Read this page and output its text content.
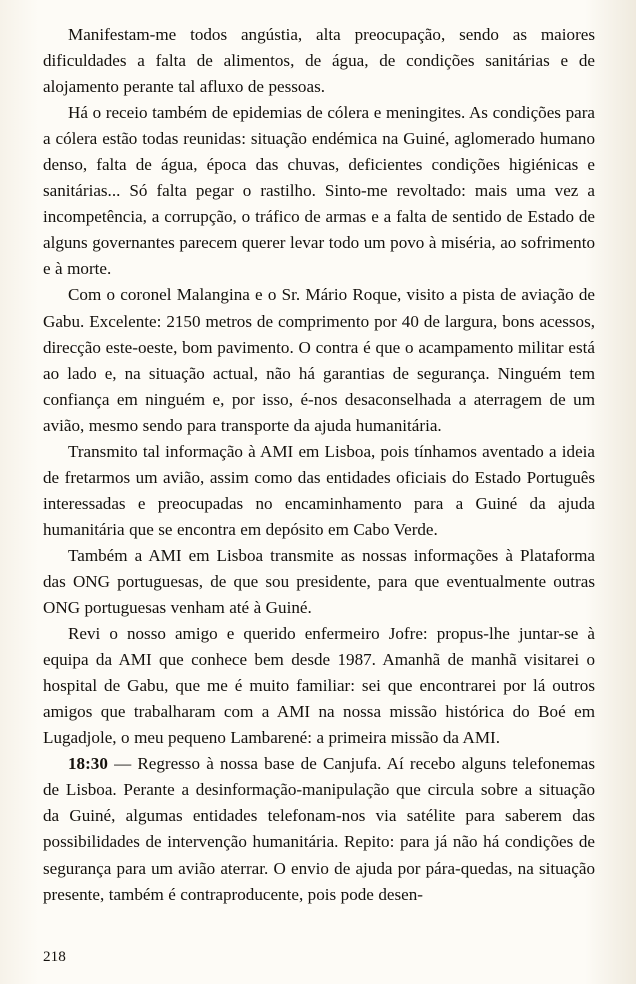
Manifestam-me todos angústia, alta preocupação, sendo as maiores dificuldades a falta de alimentos, de água, de condições sanitárias e de alojamento perante tal afluxo de pessoas.

Há o receio também de epidemias de cólera e meningites. As condições para a cólera estão todas reunidas: situação endémica na Guiné, aglomerado humano denso, falta de água, época das chuvas, deficientes condições higiénicas e sanitárias... Só falta pegar o rastilho. Sinto-me revoltado: mais uma vez a incompetência, a corrupção, o tráfico de armas e a falta de sentido de Estado de alguns governantes parecem querer levar todo um povo à miséria, ao sofrimento e à morte.

Com o coronel Malangina e o Sr. Mário Roque, visito a pista de aviação de Gabu. Excelente: 2150 metros de comprimento por 40 de largura, bons acessos, direcção este-oeste, bom pavimento. O contra é que o acampamento militar está ao lado e, na situação actual, não há garantias de segurança. Ninguém tem confiança em ninguém e, por isso, é-nos desaconselhada a aterragem de um avião, mesmo sendo para transporte da ajuda humanitária.

Transmito tal informação à AMI em Lisboa, pois tínhamos aventado a ideia de fretarmos um avião, assim como das entidades oficiais do Estado Português interessadas e preocupadas no encaminhamento para a Guiné da ajuda humanitária que se encontra em depósito em Cabo Verde.

Também a AMI em Lisboa transmite as nossas informações à Plataforma das ONG portuguesas, de que sou presidente, para que eventualmente outras ONG portuguesas venham até à Guiné.

Revi o nosso amigo e querido enfermeiro Jofre: propus-lhe juntar-se à equipa da AMI que conhece bem desde 1987. Amanhã de manhã visitarei o hospital de Gabu, que me é muito familiar: sei que encontrarei por lá outros amigos que trabalharam com a AMI na nossa missão histórica do Boé em Lugadjole, o meu pequeno Lambarené: a primeira missão da AMI.

18:30 — Regresso à nossa base de Canjufa. Aí recebo alguns telefonemas de Lisboa. Perante a desinformação-manipulação que circula sobre a situação da Guiné, algumas entidades telefonam-nos via satélite para saberem das possibilidades de intervenção humanitária. Repito: para já não há condições de segurança para um avião aterrar. O envio de ajuda por pára-quedas, na situação presente, também é contraproducente, pois pode desen-

218
